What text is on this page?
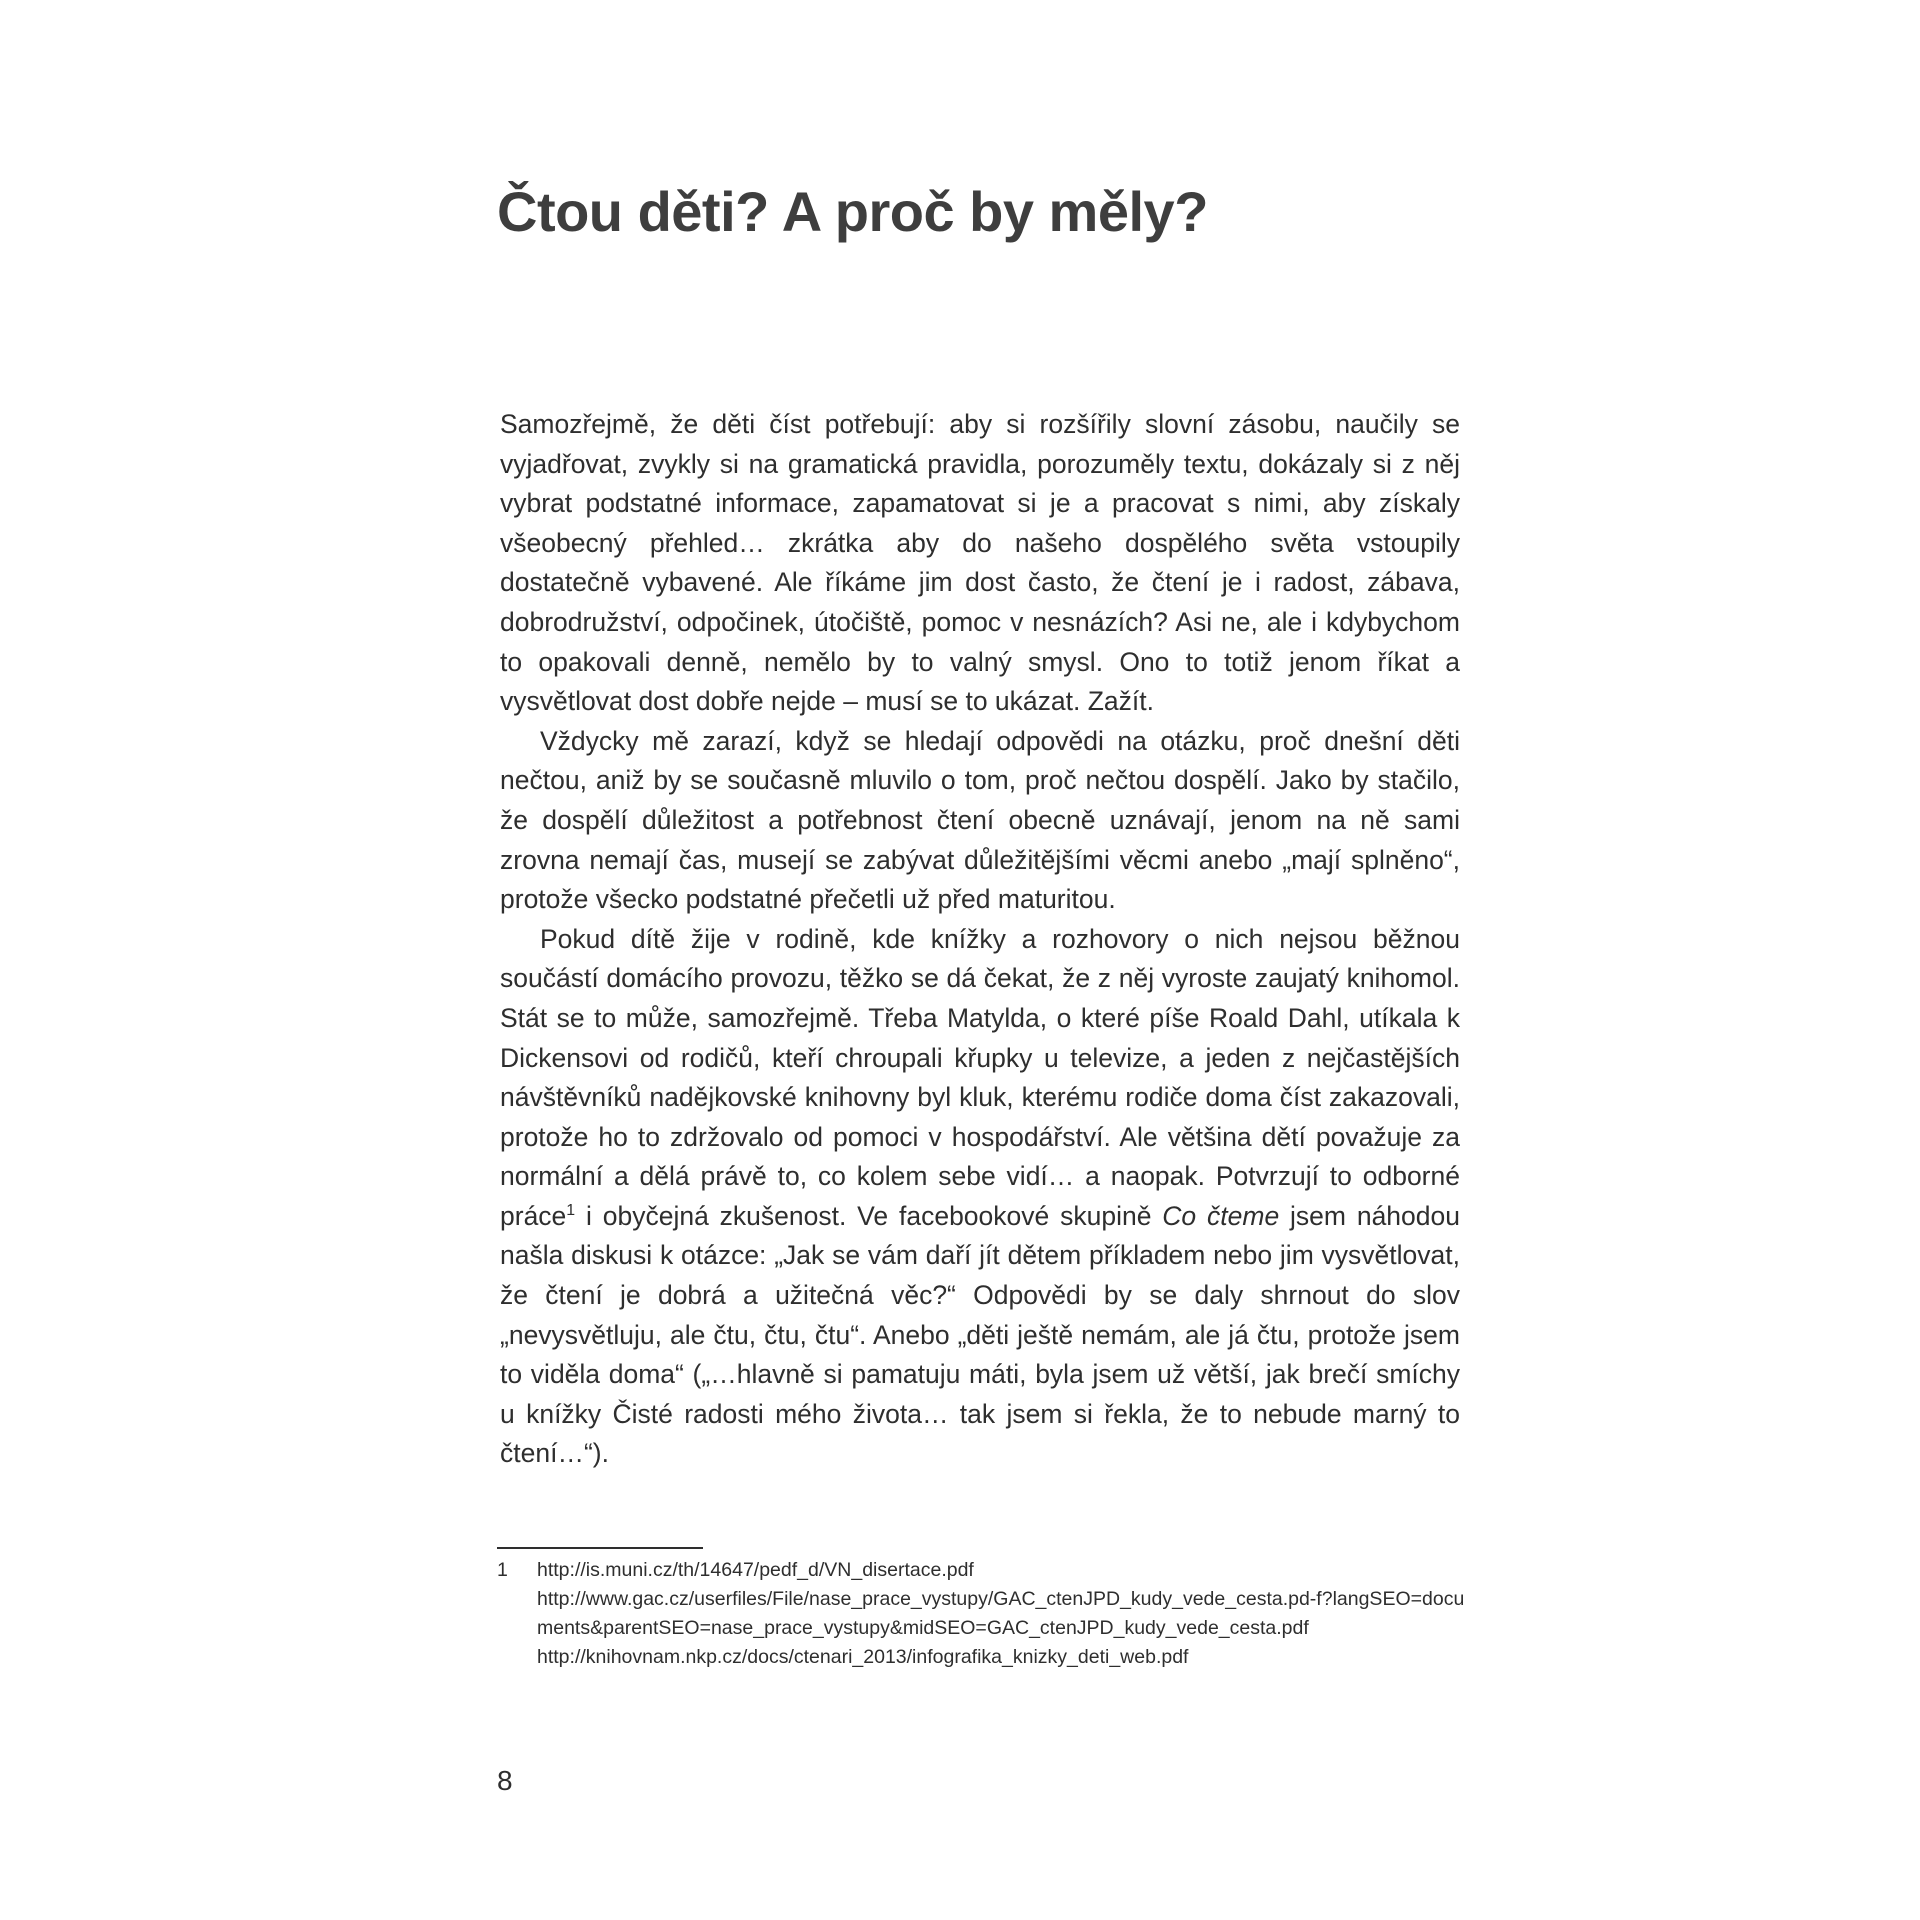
Čtou děti? A proč by měly?

Samozřejmě, že děti číst potřebují: aby si rozšířily slovní zásobu, naučily se vyjadřovat, zvykly si na gramatická pravidla, porozuměly textu, dokázaly si z něj vybrat podstatné informace, zapamatovat si je a pracovat s nimi, aby získaly všeobecný přehled… zkrátka aby do našeho dospělého světa vstoupily dostatečně vybavené. Ale říkáme jim dost často, že čtení je i radost, zábava, dobrodružství, odpočinek, útočiště, pomoc v nesnázích? Asi ne, ale i kdybychom to opakovali denně, nemělo by to valný smysl. Ono to totiž jenom říkat a vysvětlovat dost dobře nejde – musí se to ukázat. Zažít.

Vždycky mě zarazí, když se hledají odpovědi na otázku, proč dnešní děti nečtou, aniž by se současně mluvilo o tom, proč nečtou dospělí. Jako by stačilo, že dospělí důležitost a potřebnost čtení obecně uznávají, jenom na ně sami zrovna nemají čas, musejí se zabývat důležitějšími věcmi anebo „mají splněno“, protože všecko podstatné přečetli už před maturitou.

Pokud dítě žije v rodině, kde knížky a rozhovory o nich nejsou běžnou součástí domácího provozu, těžko se dá čekat, že z něj vyroste zaujatý knihomol. Stát se to může, samozřejmě. Třeba Matylda, o které píše Roald Dahl, utíkala k Dickensovi od rodičů, kteří chroupali křupky u televize, a jeden z nejčastějších návštěvníků nadějkovské knihovny byl kluk, kterému rodiče doma číst zakazovali, protože ho to zdržovalo od pomoci v hospodářství. Ale většina dětí považuje za normální a dělá právě to, co kolem sebe vidí… a naopak. Potvrzují to odborné práce$^1$ i obyčejná zkušenost. Ve facebookové skupině Co čteme jsem náhodou našla diskusi k otázce: „Jak se vám daří jít dětem příkladem nebo jim vysvětlovat, že čtení je dobrá a užitečná věc?“ Odpovědi by se daly shrnout do slov „nevysvětluju, ale čtu, čtu, čtu“. Anebo „děti ještě nemám, ale já čtu, protože jsem to viděla doma“ („…hlavně si pamatuju máti, byla jsem už větší, jak brečí smíchy u knížky Čisté radosti mého života… tak jsem si řekla, že to nebude marný to čtení…“).

1	http://is.muni.cz/th/14647/pedf_d/VN_disertace.pdf
http://www.gac.cz/userfiles/File/nase_prace_vystupy/GAC_ctenJPD_kudy_vede_cesta.pd-f?langSEO=documents&parentSEO=nase_prace_vystupy&midSEO=GAC_ctenJPD_kudy_vede_cesta.pdf
http://knihovnam.nkp.cz/docs/ctenari_2013/infografika_knizky_deti_web.pdf
8
